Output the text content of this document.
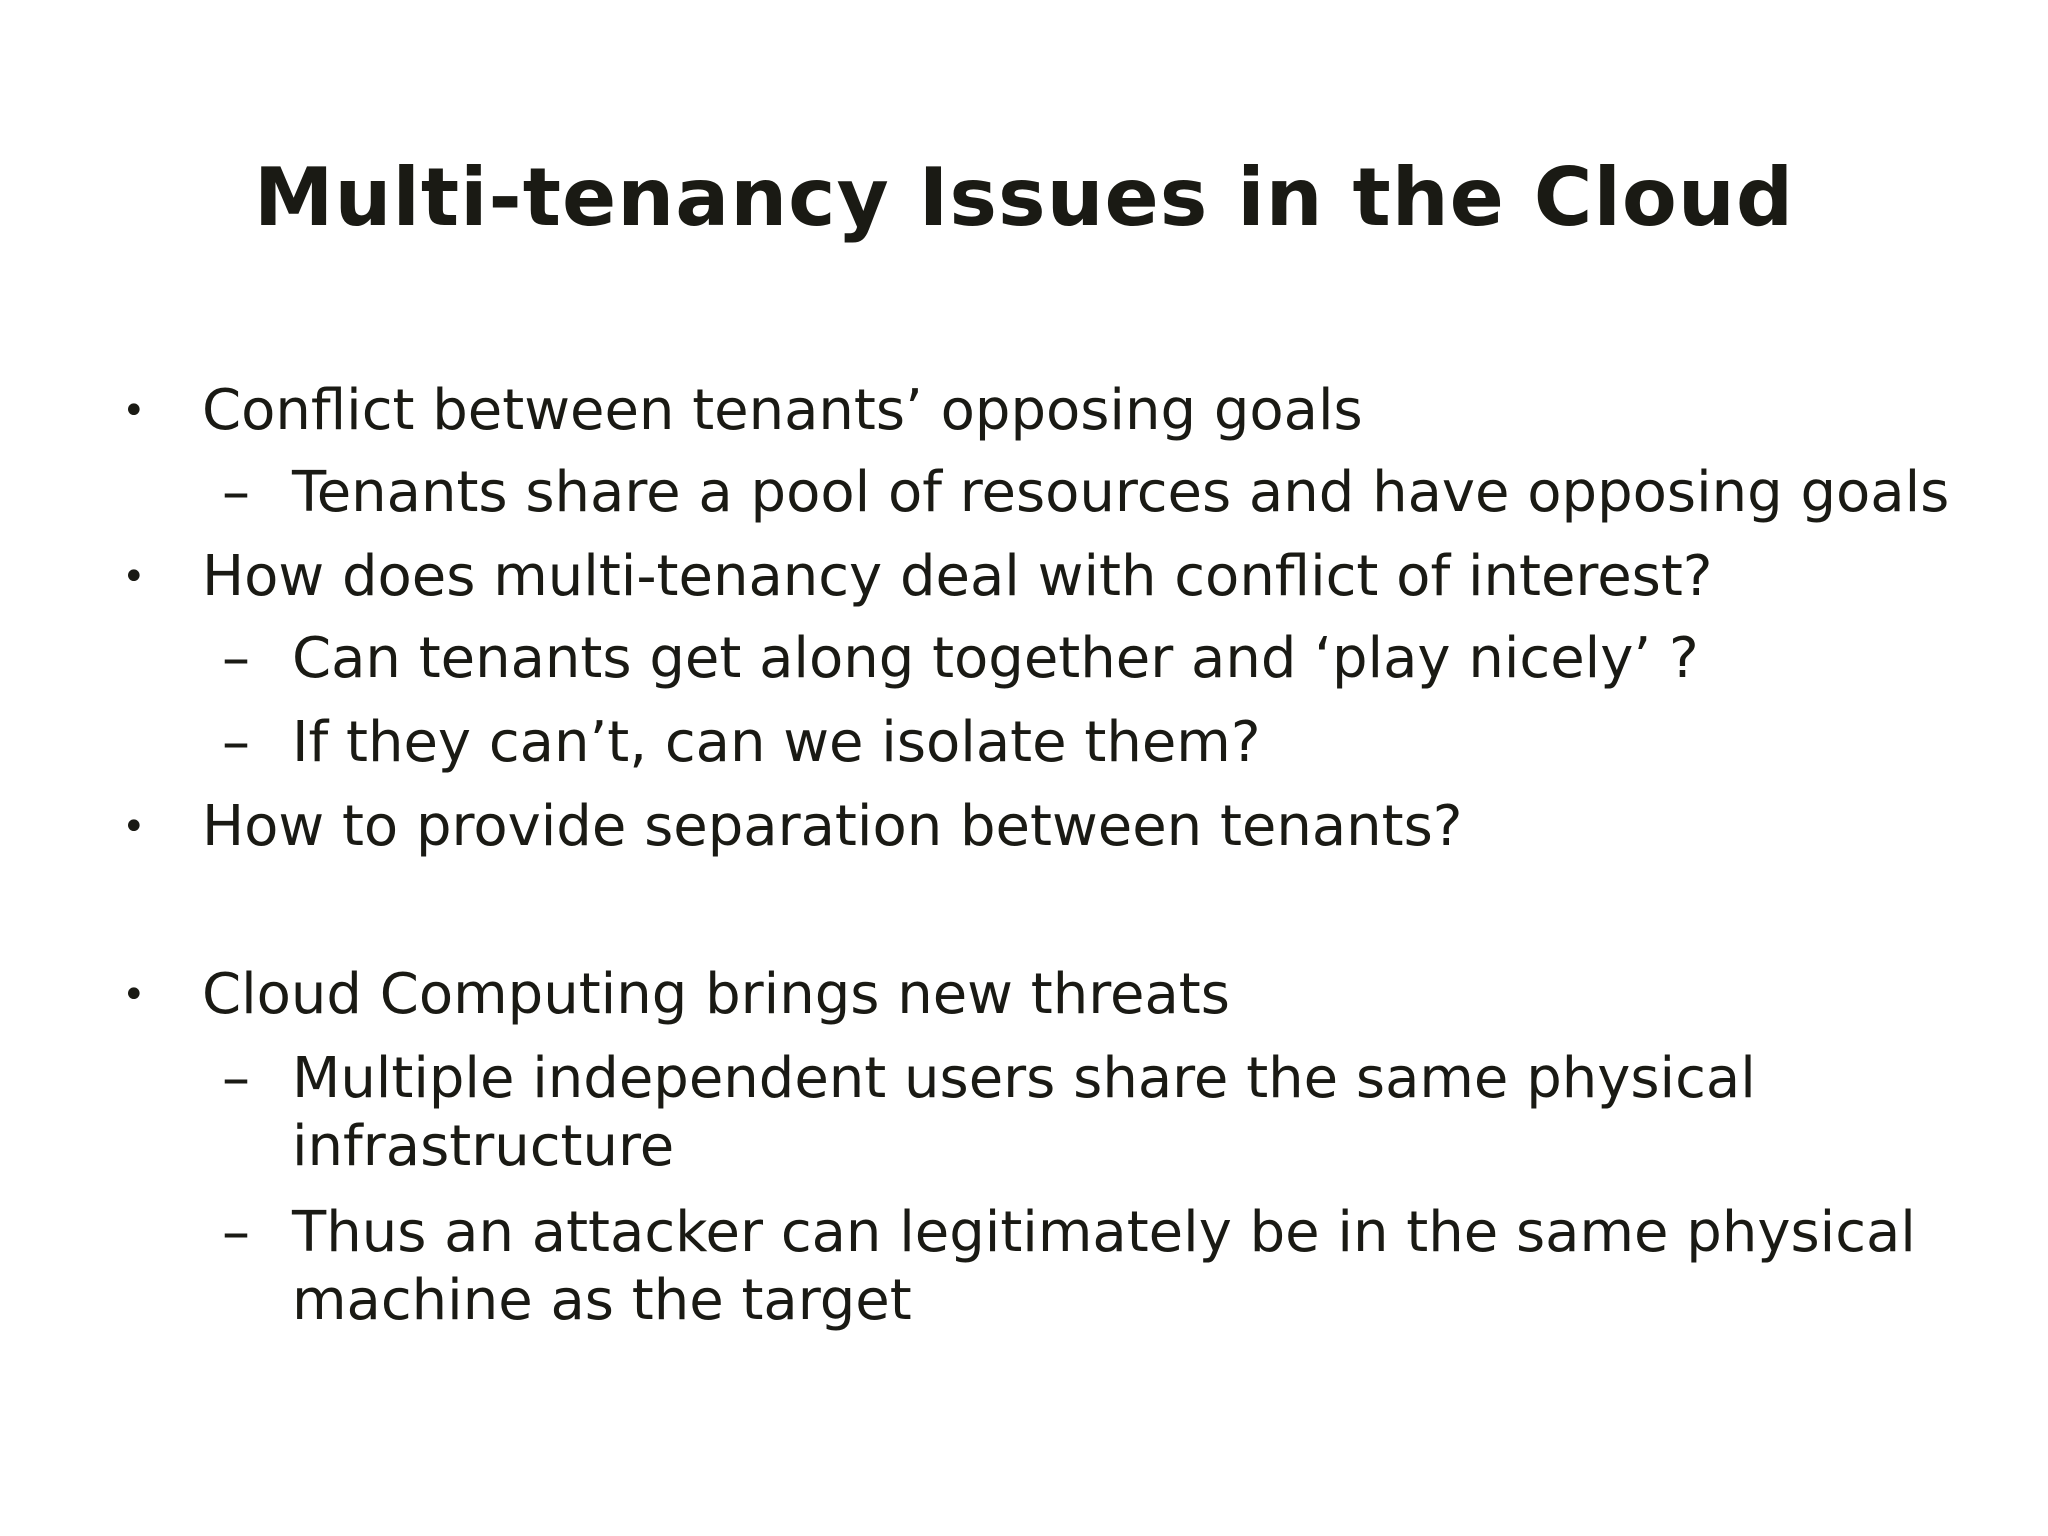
Multi-tenancy Issues in the Cloud
• Conflict between tenants’ opposing goals
– Tenants share a pool of resources and have opposing goals
• How does multi-tenancy deal with conflict of interest?
– Can tenants get along together and ‘play nicely’ ?
– If they can’t, can we isolate them?
• How to provide separation between tenants?
• Cloud Computing brings new threats
– Multiple independent users share the same physical
infrastructure
– Thus an attacker can legitimately be in the same physical
machine as the target
